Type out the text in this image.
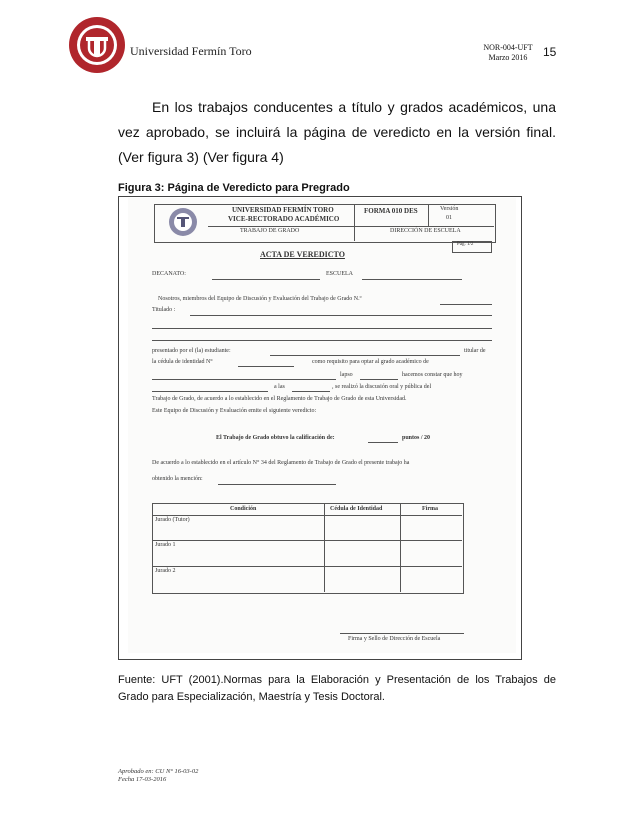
Universidad Fermín Toro	NOR-004-UFT
Marzo 2016	15
En los trabajos conducentes a título y grados académicos, una vez aprobado, se incluirá la página de veredicto en la versión final. (Ver figura 3) (Ver figura 4)
Figura 3: Página de Veredicto para Pregrado
UNIVERSIDAD FERMÍN TORO
VICE-RECTORADO ACADÉMICO
FORMA 010 DES	Versión
01
TRABAJO DE GRADO	DIRECCIÓN DE ESCUELA
Pág. 1/2
ACTA DE VEREDICTO
DECANATO:	ESCUELA
Nosotros, miembros del Equipo de Discusión y Evaluación del Trabajo de Grado N.º
Titulado :
presentado por el (la) estudiante:	titular de
la cédula de identidad N°	como requisito para optar al grado académico de
lapso	hacemos constar que hoy
a las	, se realizó la discusión oral y pública del
Trabajo de Grado, de acuerdo a lo establecido en el Reglamento de Trabajo de Grado de esta Universidad.
Este Equipo de Discusión y Evaluación emite el siguiente veredicto:
El Trabajo de Grado obtuvo la calificación de:	puntos / 20
De acuerdo a lo establecido en el artículo N° 34 del Reglamento de Trabajo de Grado el presente trabajo ha
obtenido la mención:
Condición	Cédula de Identidad	Firma
Jurado (Tutor)
Jurado 1
Jurado 2
Firma y Sello de Dirección de Escuela
Fuente: UFT (2001).Normas para la Elaboración y Presentación de los Trabajos de Grado para Especialización, Maestría y Tesis Doctoral.
Aprobado en: CU N° 16-03-02
Fecha 17-03-2016
